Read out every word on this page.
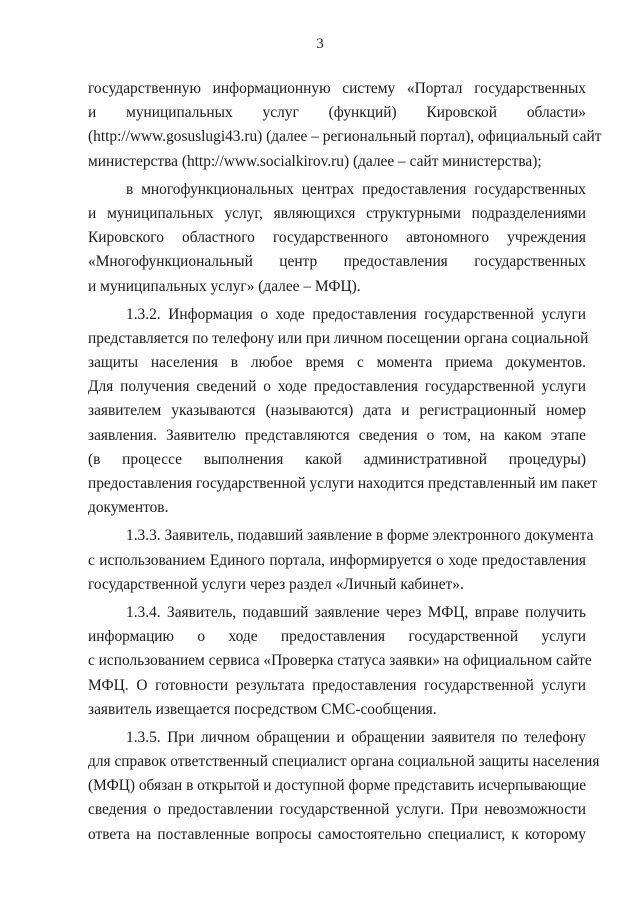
3
государственную информационную систему «Портал государственных
и муниципальных услуг (функций) Кировской области»
(http://www.gosuslugi43.ru) (далее – региональный портал), официальный сайт
министерства (http://www.socialkirov.ru) (далее – сайт министерства);
в многофункциональных центрах предоставления государственных
и муниципальных услуг, являющихся структурными подразделениями
Кировского областного государственного автономного учреждения
«Многофункциональный центр предоставления государственных
и муниципальных услуг» (далее – МФЦ).
1.3.2. Информация о ходе предоставления государственной услуги
представляется по телефону или при личном посещении органа социальной
защиты населения в любое время с момента приема документов.
Для получения сведений о ходе предоставления государственной услуги
заявителем указываются (называются) дата и регистрационный номер
заявления. Заявителю представляются сведения о том, на каком этапе
(в процессе выполнения какой административной процедуры)
предоставления государственной услуги находится представленный им пакет
документов.
1.3.3. Заявитель, подавший заявление в форме электронного документа
с использованием Единого портала, информируется о ходе предоставления
государственной услуги через раздел «Личный кабинет».
1.3.4. Заявитель, подавший заявление через МФЦ, вправе получить
информацию о ходе предоставления государственной услуги
с использованием сервиса «Проверка статуса заявки» на официальном сайте
МФЦ. О готовности результата предоставления государственной услуги
заявитель извещается посредством СМС-сообщения.
1.3.5. При личном обращении и обращении заявителя по телефону
для справок ответственный специалист органа социальной защиты населения
(МФЦ) обязан в открытой и доступной форме представить исчерпывающие
сведения о предоставлении государственной услуги. При невозможности
ответа на поставленные вопросы самостоятельно специалист, к которому
